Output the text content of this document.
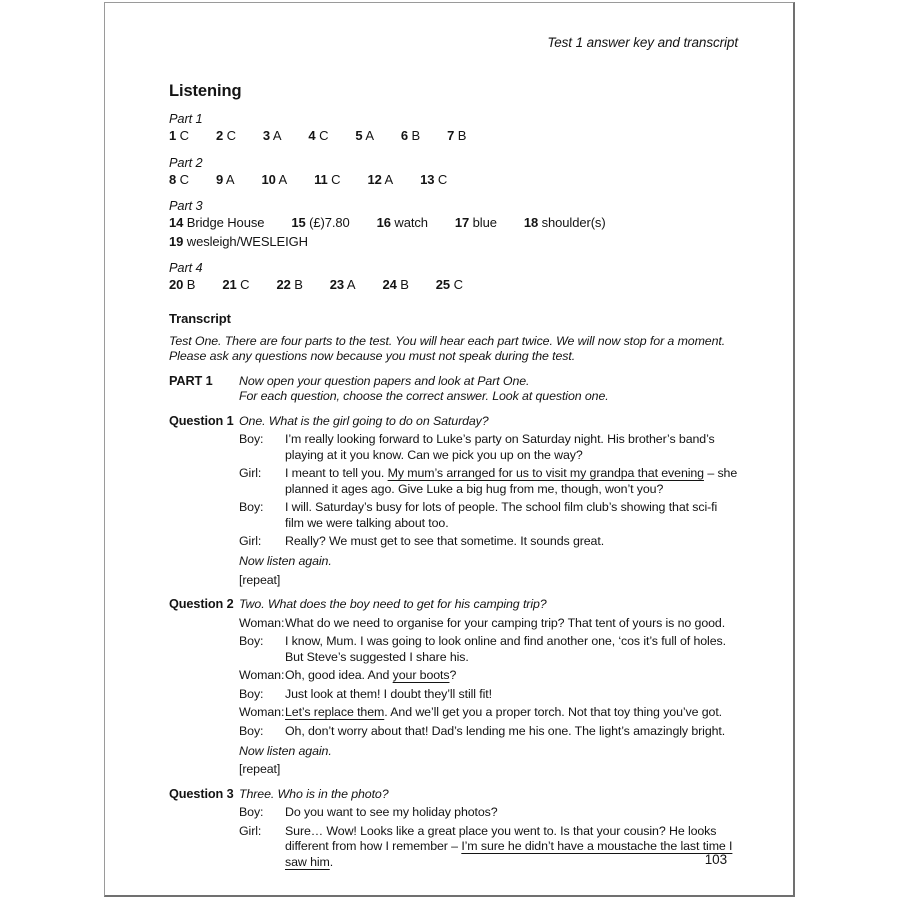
Test 1 answer key and transcript
Listening
Part 1
1 C 2 C 3 A 4 C 5 A 6 B 7 B
Part 2
8 C 9 A 10 A 11 C 12 A 13 C
Part 3
14 Bridge House 15 (£)7.80 16 watch 17 blue 18 shoulder(s)
19 wesleigh/WESLEIGH
Part 4
20 B 21 C 22 B 23 A 24 B 25 C
Transcript

Test One. There are four parts to the test. You will hear each part twice. We will now stop for a moment. Please ask any questions now because you must not speak during the test.

PART 1	Now open your question papers and look at Part One.
For each question, choose the correct answer. Look at question one.
Question 1 One. What is the girl going to do on Saturday?
Boy:	I’m really looking forward to Luke’s party on Saturday night. His brother’s band’s playing at it you know. Can we pick you up on the way?
Girl:	I meant to tell you. My mum’s arranged for us to visit my grandpa that evening – she planned it ages ago. Give Luke a big hug from me, though, won’t you?
Boy:	I will. Saturday’s busy for lots of people. The school film club’s showing that sci-fi film we were talking about too.
Girl:	Really? We must get to see that sometime. It sounds great.
Now listen again.
[repeat]
Question 2 Two. What does the boy need to get for his camping trip?
Woman: What do we need to organise for your camping trip? That tent of yours is no good.
Boy:	I know, Mum. I was going to look online and find another one, ‘cos it’s full of holes. But Steve’s suggested I share his.
Woman: Oh, good idea. And your boots?
Boy:	Just look at them! I doubt they’ll still fit!
Woman: Let’s replace them. And we’ll get you a proper torch. Not that toy thing you’ve got.
Boy:	Oh, don’t worry about that! Dad’s lending me his one. The light’s amazingly bright.
Now listen again.
[repeat]
Question 3 Three. Who is in the photo?
Boy:	Do you want to see my holiday photos?
Girl:	Sure… Wow! Looks like a great place you went to. Is that your cousin? He looks different from how I remember – I’m sure he didn’t have a moustache the last time I saw him.	103
